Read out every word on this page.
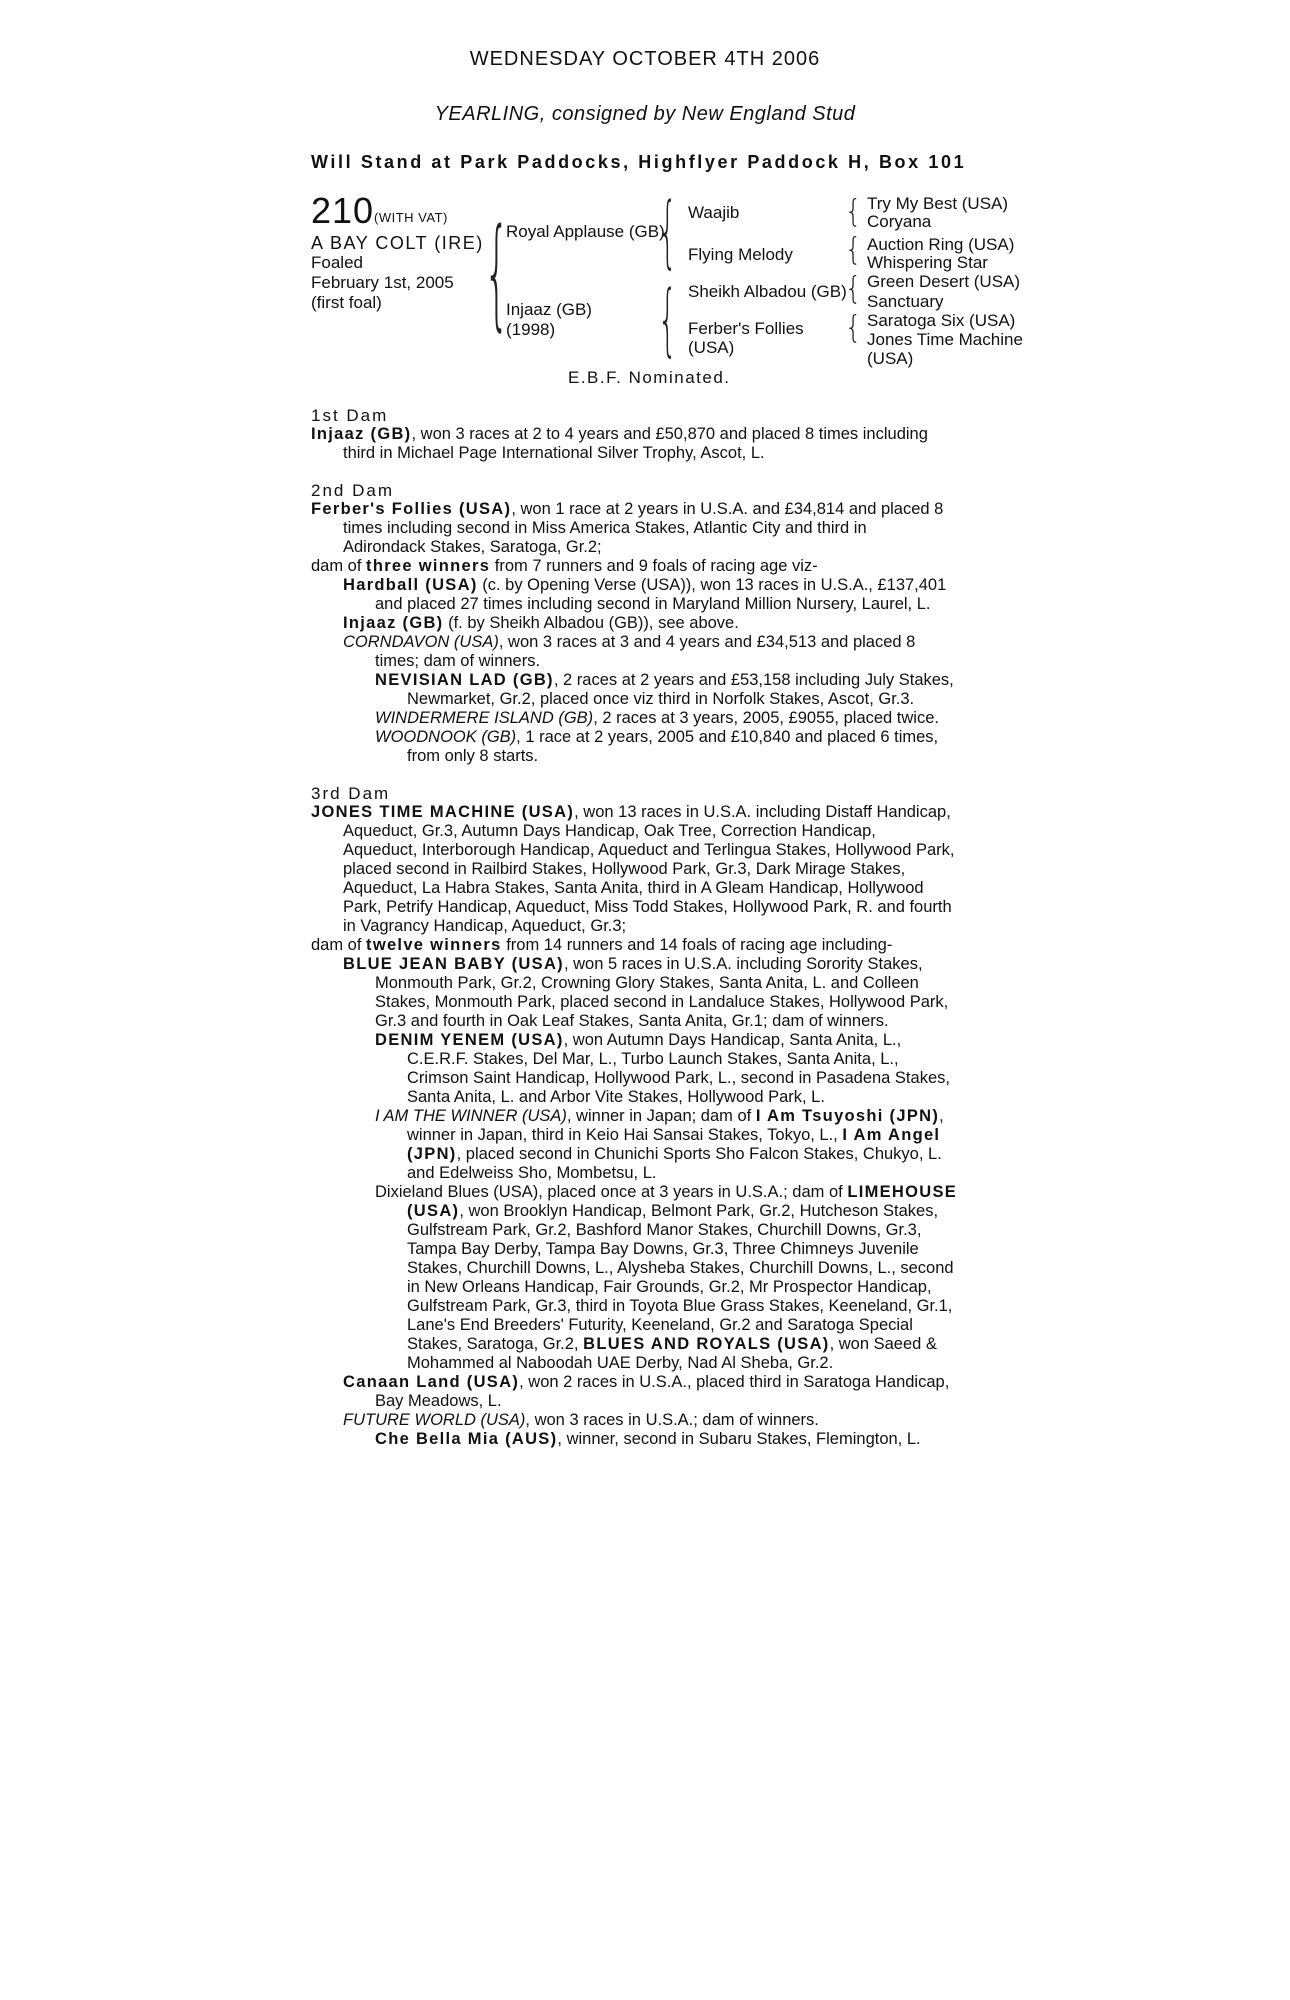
WEDNESDAY OCTOBER 4TH 2006
YEARLING, consigned by New England Stud
Will Stand at Park Paddocks, Highflyer Paddock H, Box 101
210 (WITH VAT)
A BAY COLT (IRE)
Foaled
February 1st, 2005
(first foal)	{	{
{
{
{
{
{
Royal Applause (GB)
Injaaz (GB)
(1998)
Waajib
Flying Melody
Sheikh Albadou (GB)
Ferber's Follies
(USA)
Try My Best (USA)
Coryana
Auction Ring (USA)
Whispering Star
Green Desert (USA)
Sanctuary
Saratoga Six (USA)
Jones Time Machine
(USA)
E.B.F. Nominated.
1st Dam
Injaaz (GB), won 3 races at 2 to 4 years and £50,870 and placed 8 times including
third in Michael Page International Silver Trophy, Ascot, L.
2nd Dam
Ferber's Follies (USA), won 1 race at 2 years in U.S.A. and £34,814 and placed 8
times including second in Miss America Stakes, Atlantic City and third in
Adirondack Stakes, Saratoga, Gr.2;
dam of three winners from 7 runners and 9 foals of racing age viz-
Hardball (USA) (c. by Opening Verse (USA)), won 13 races in U.S.A., £137,401
and placed 27 times including second in Maryland Million Nursery, Laurel, L.
Injaaz (GB) (f. by Sheikh Albadou (GB)), see above.
CORNDAVON (USA), won 3 races at 3 and 4 years and £34,513 and placed 8
times; dam of winners.
NEVISIAN LAD (GB), 2 races at 2 years and £53,158 including July Stakes,
Newmarket, Gr.2, placed once viz third in Norfolk Stakes, Ascot, Gr.3.
WINDERMERE ISLAND (GB), 2 races at 3 years, 2005, £9055, placed twice.
WOODNOOK (GB), 1 race at 2 years, 2005 and £10,840 and placed 6 times,
from only 8 starts.
3rd Dam
JONES TIME MACHINE (USA), won 13 races in U.S.A. including Distaff Handicap,
Aqueduct, Gr.3, Autumn Days Handicap, Oak Tree, Correction Handicap,
Aqueduct, Interborough Handicap, Aqueduct and Terlingua Stakes, Hollywood Park,
placed second in Railbird Stakes, Hollywood Park, Gr.3, Dark Mirage Stakes,
Aqueduct, La Habra Stakes, Santa Anita, third in A Gleam Handicap, Hollywood
Park, Petrify Handicap, Aqueduct, Miss Todd Stakes, Hollywood Park, R. and fourth
in Vagrancy Handicap, Aqueduct, Gr.3;
dam of twelve winners from 14 runners and 14 foals of racing age including-
BLUE JEAN BABY (USA), won 5 races in U.S.A. including Sorority Stakes,
Monmouth Park, Gr.2, Crowning Glory Stakes, Santa Anita, L. and Colleen
Stakes, Monmouth Park, placed second in Landaluce Stakes, Hollywood Park,
Gr.3 and fourth in Oak Leaf Stakes, Santa Anita, Gr.1; dam of winners.
DENIM YENEM (USA), won Autumn Days Handicap, Santa Anita, L.,
C.E.R.F. Stakes, Del Mar, L., Turbo Launch Stakes, Santa Anita, L.,
Crimson Saint Handicap, Hollywood Park, L., second in Pasadena Stakes,
Santa Anita, L. and Arbor Vite Stakes, Hollywood Park, L.
I AM THE WINNER (USA), winner in Japan; dam of I Am Tsuyoshi (JPN),
winner in Japan, third in Keio Hai Sansai Stakes, Tokyo, L., I Am Angel
(JPN), placed second in Chunichi Sports Sho Falcon Stakes, Chukyo, L.
and Edelweiss Sho, Mombetsu, L.
Dixieland Blues (USA), placed once at 3 years in U.S.A.; dam of LIMEHOUSE
(USA), won Brooklyn Handicap, Belmont Park, Gr.2, Hutcheson Stakes,
Gulfstream Park, Gr.2, Bashford Manor Stakes, Churchill Downs, Gr.3,
Tampa Bay Derby, Tampa Bay Downs, Gr.3, Three Chimneys Juvenile
Stakes, Churchill Downs, L., Alysheba Stakes, Churchill Downs, L., second
in New Orleans Handicap, Fair Grounds, Gr.2, Mr Prospector Handicap,
Gulfstream Park, Gr.3, third in Toyota Blue Grass Stakes, Keeneland, Gr.1,
Lane's End Breeders' Futurity, Keeneland, Gr.2 and Saratoga Special
Stakes, Saratoga, Gr.2, BLUES AND ROYALS (USA), won Saeed &
Mohammed al Naboodah UAE Derby, Nad Al Sheba, Gr.2.
Canaan Land (USA), won 2 races in U.S.A., placed third in Saratoga Handicap,
Bay Meadows, L.
FUTURE WORLD (USA), won 3 races in U.S.A.; dam of winners.
Che Bella Mia (AUS), winner, second in Subaru Stakes, Flemington, L.
